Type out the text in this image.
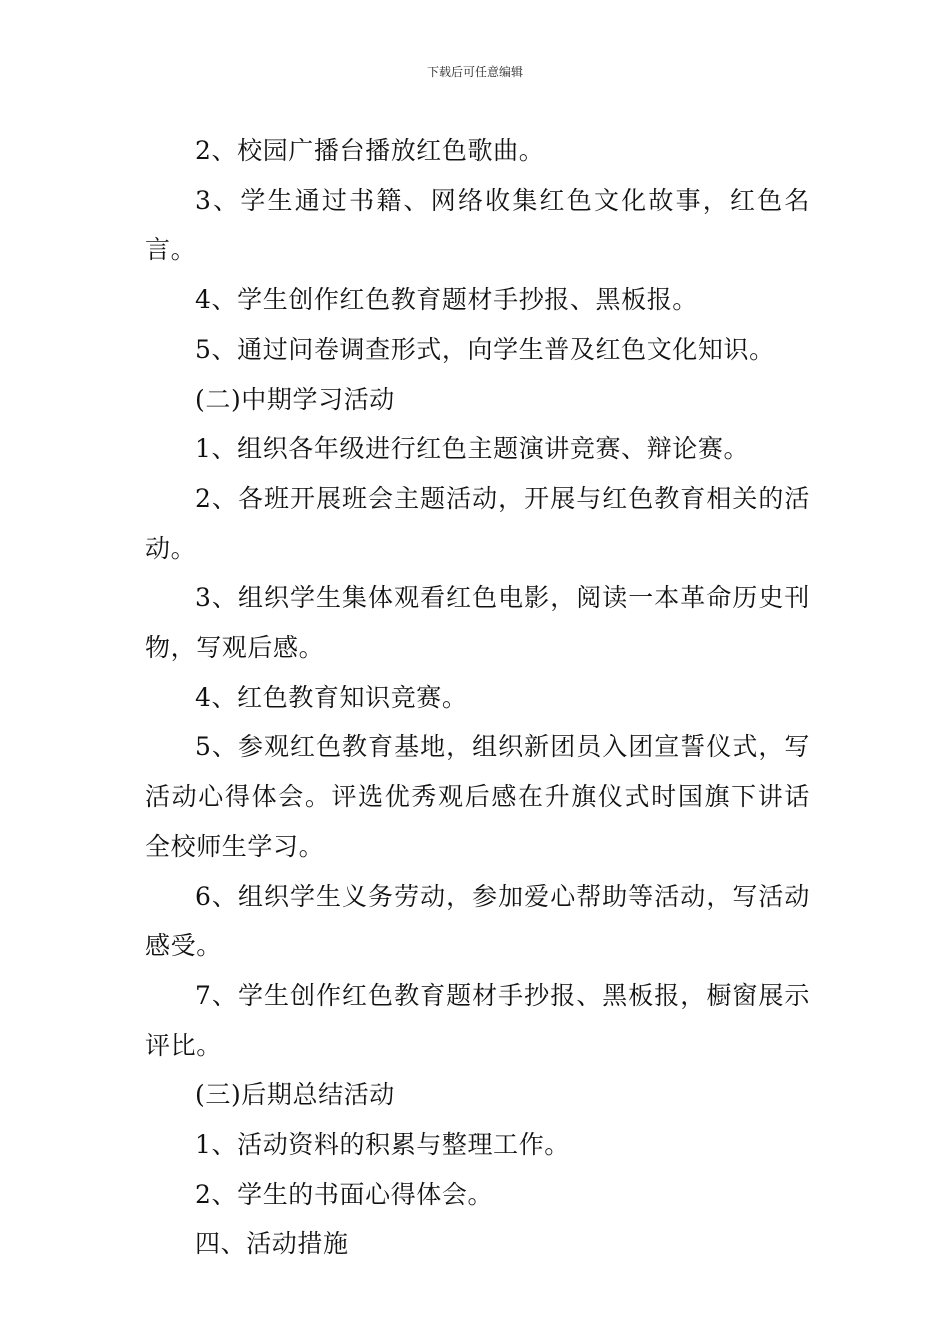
下载后可任意编辑

2、校园广播台播放红色歌曲。

3、学生通过书籍、网络收集红色文化故事，红色名言。

4、学生创作红色教育题材手抄报、黑板报。

5、通过问卷调查形式，向学生普及红色文化知识。

(二)中期学习活动

1、组织各年级进行红色主题演讲竞赛、辩论赛。

2、各班开展班会主题活动，开展与红色教育相关的活动。

3、组织学生集体观看红色电影，阅读一本革命历史刊物，写观后感。

4、红色教育知识竞赛。

5、参观红色教育基地，组织新团员入团宣誓仪式，写活动心得体会。评选优秀观后感在升旗仪式时国旗下讲话全校师生学习。

6、组织学生义务劳动，参加爱心帮助等活动，写活动感受。

7、学生创作红色教育题材手抄报、黑板报，橱窗展示评比。

(三)后期总结活动

1、活动资料的积累与整理工作。

2、学生的书面心得体会。

四、活动措施
